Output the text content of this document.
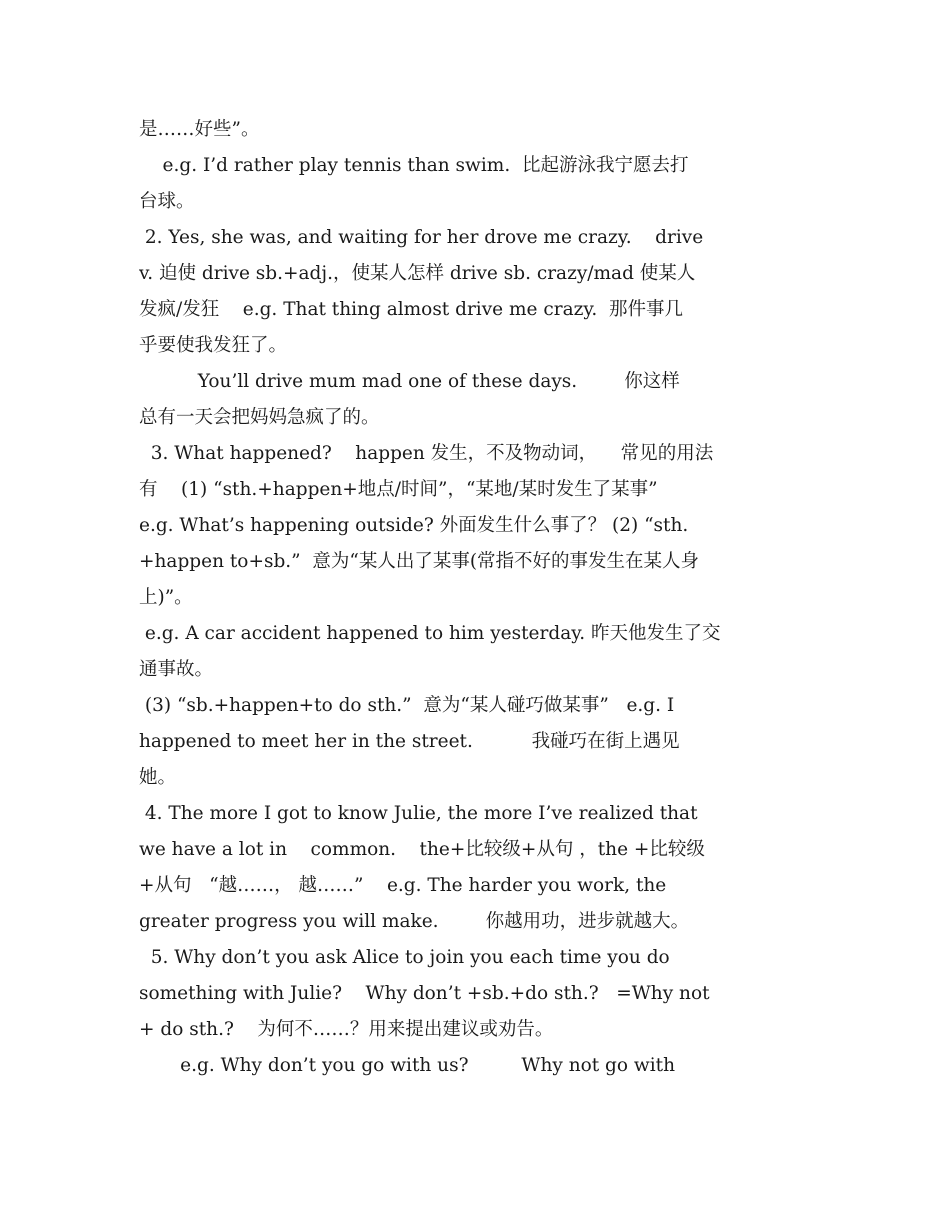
是……好些”。
e.g. I’d rather play tennis than swim.  比起游泳我宁愿去打
台球。
2. Yes, she was, and waiting for her drove me crazy.    drive
v. 迫使 drive sb.+adj.，使某人怎样 drive sb. crazy/mad 使某人
发疯/发狂    e.g. That thing almost drive me crazy.  那件事几
乎要使我发狂了。
You’ll drive mum mad one of these days.        你这样
总有一天会把妈妈急疯了的。
3. What happened?    happen 发生，不及物动词，    常见的用法
有    (1) “sth.+happen+地点/时间”，“某地/某时发生了某事”
e.g. What’s happening outside? 外面发生什么事了？ (2) “sth.
+happen to+sb.”  意为“某人出了某事(常指不好的事发生在某人身
上)”。
e.g. A car accident happened to him yesterday. 昨天他发生了交
通事故。
(3) “sb.+happen+to do sth.”  意为“某人碰巧做某事”   e.g. I
happened to meet her in the street.          我碰巧在街上遇见
她。
4. The more I got to know Julie, the more I’ve realized that
we have a lot in    common.    the+比较级+从句 ，the +比较级
+从句   “越……， 越……”    e.g. The harder you work, the
greater progress you will make.        你越用功，进步就越大。
5. Why don’t you ask Alice to join you each time you do
something with Julie?    Why don’t +sb.+do sth.?   =Why not
+ do sth.?    为何不……？用来提出建议或劝告。
e.g. Why don’t you go with us?         Why not go with
